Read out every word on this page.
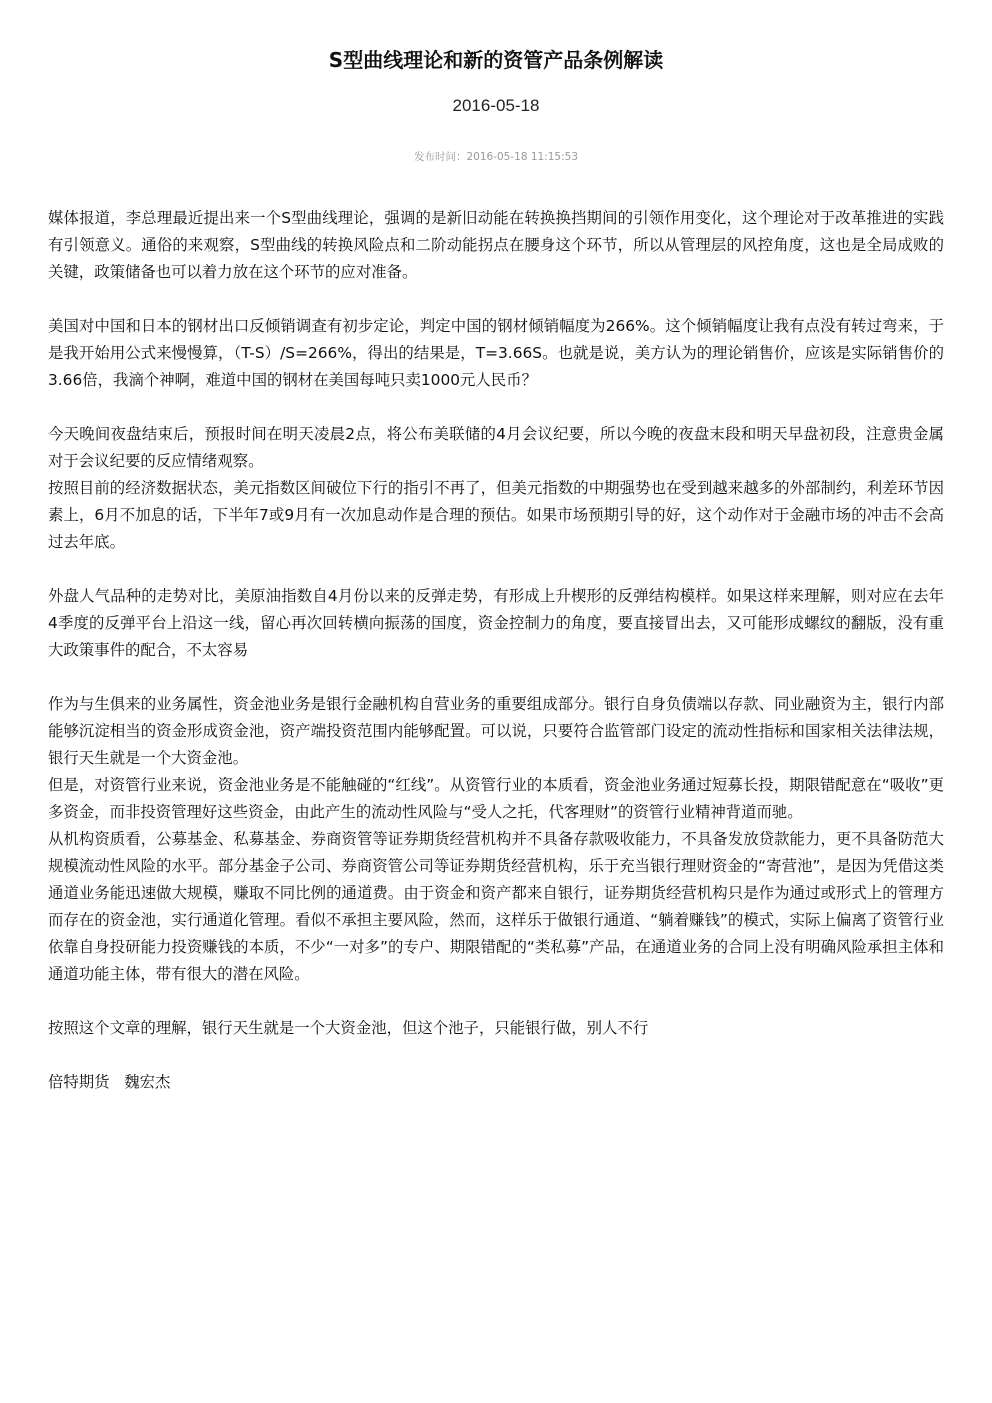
S型曲线理论和新的资管产品条例解读
2016-05-18
发布时间：2016-05-18 11:15:53

媒体报道，李总理最近提出来一个S型曲线理论，强调的是新旧动能在转换换挡期间的引领作用变化，这个理论对于改革推进的实践有引领意义。通俗的来观察，S型曲线的转换风险点和二阶动能拐点在腰身这个环节，所以从管理层的风控角度，这也是全局成败的关键，政策储备也可以着力放在这个环节的应对准备。

美国对中国和日本的钢材出口反倾销调查有初步定论，判定中国的钢材倾销幅度为266%。这个倾销幅度让我有点没有转过弯来，于是我开始用公式来慢慢算，（T-S）/S=266%，得出的结果是，T=3.66S。也就是说，美方认为的理论销售价，应该是实际销售价的3.66倍，我滴个神啊，难道中国的钢材在美国每吨只卖1000元人民币？

今天晚间夜盘结束后，预报时间在明天凌晨2点，将公布美联储的4月会议纪要，所以今晚的夜盘末段和明天早盘初段，注意贵金属对于会议纪要的反应情绪观察。

按照目前的经济数据状态，美元指数区间破位下行的指引不再了，但美元指数的中期强势也在受到越来越多的外部制约，利差环节因素上，6月不加息的话，下半年7或9月有一次加息动作是合理的预估。如果市场预期引导的好，这个动作对于金融市场的冲击不会高过去年底。

外盘人气品种的走势对比，美原油指数自4月份以来的反弹走势，有形成上升楔形的反弹结构模样。如果这样来理解，则对应在去年4季度的反弹平台上沿这一线，留心再次回转横向振荡的国度，资金控制力的角度，要直接冒出去，又可能形成螺纹的翻版，没有重大政策事件的配合，不太容易

作为与生俱来的业务属性，资金池业务是银行金融机构自营业务的重要组成部分。银行自身负债端以存款、同业融资为主，银行内部能够沉淀相当的资金形成资金池，资产端投资范围内能够配置。可以说，只要符合监管部门设定的流动性指标和国家相关法律法规，银行天生就是一个大资金池。

但是，对资管行业来说，资金池业务是不能触碰的“红线”。从资管行业的本质看，资金池业务通过短募长投，期限错配意在“吸收”更多资金，而非投资管理好这些资金，由此产生的流动性风险与“受人之托，代客理财”的资管行业精神背道而驰。

从机构资质看，公募基金、私募基金、券商资管等证券期货经营机构并不具备存款吸收能力，不具备发放贷款能力，更不具备防范大规模流动性风险的水平。部分基金子公司、券商资管公司等证券期货经营机构，乐于充当银行理财资金的“寄营池”，是因为凭借这类通道业务能迅速做大规模，赚取不同比例的通道费。由于资金和资产都来自银行，证券期货经营机构只是作为通过或形式上的管理方而存在的资金池，实行通道化管理。看似不承担主要风险，然而，这样乐于做银行通道、“躺着赚钱”的模式，实际上偏离了资管行业依靠自身投研能力投资赚钱的本质，不少“一对多”的专户、期限错配的“类私募”产品，在通道业务的合同上没有明确风险承担主体和通道功能主体，带有很大的潜在风险。

按照这个文章的理解，银行天生就是一个大资金池，但这个池子，只能银行做，别人不行

倍特期货   魏宏杰
